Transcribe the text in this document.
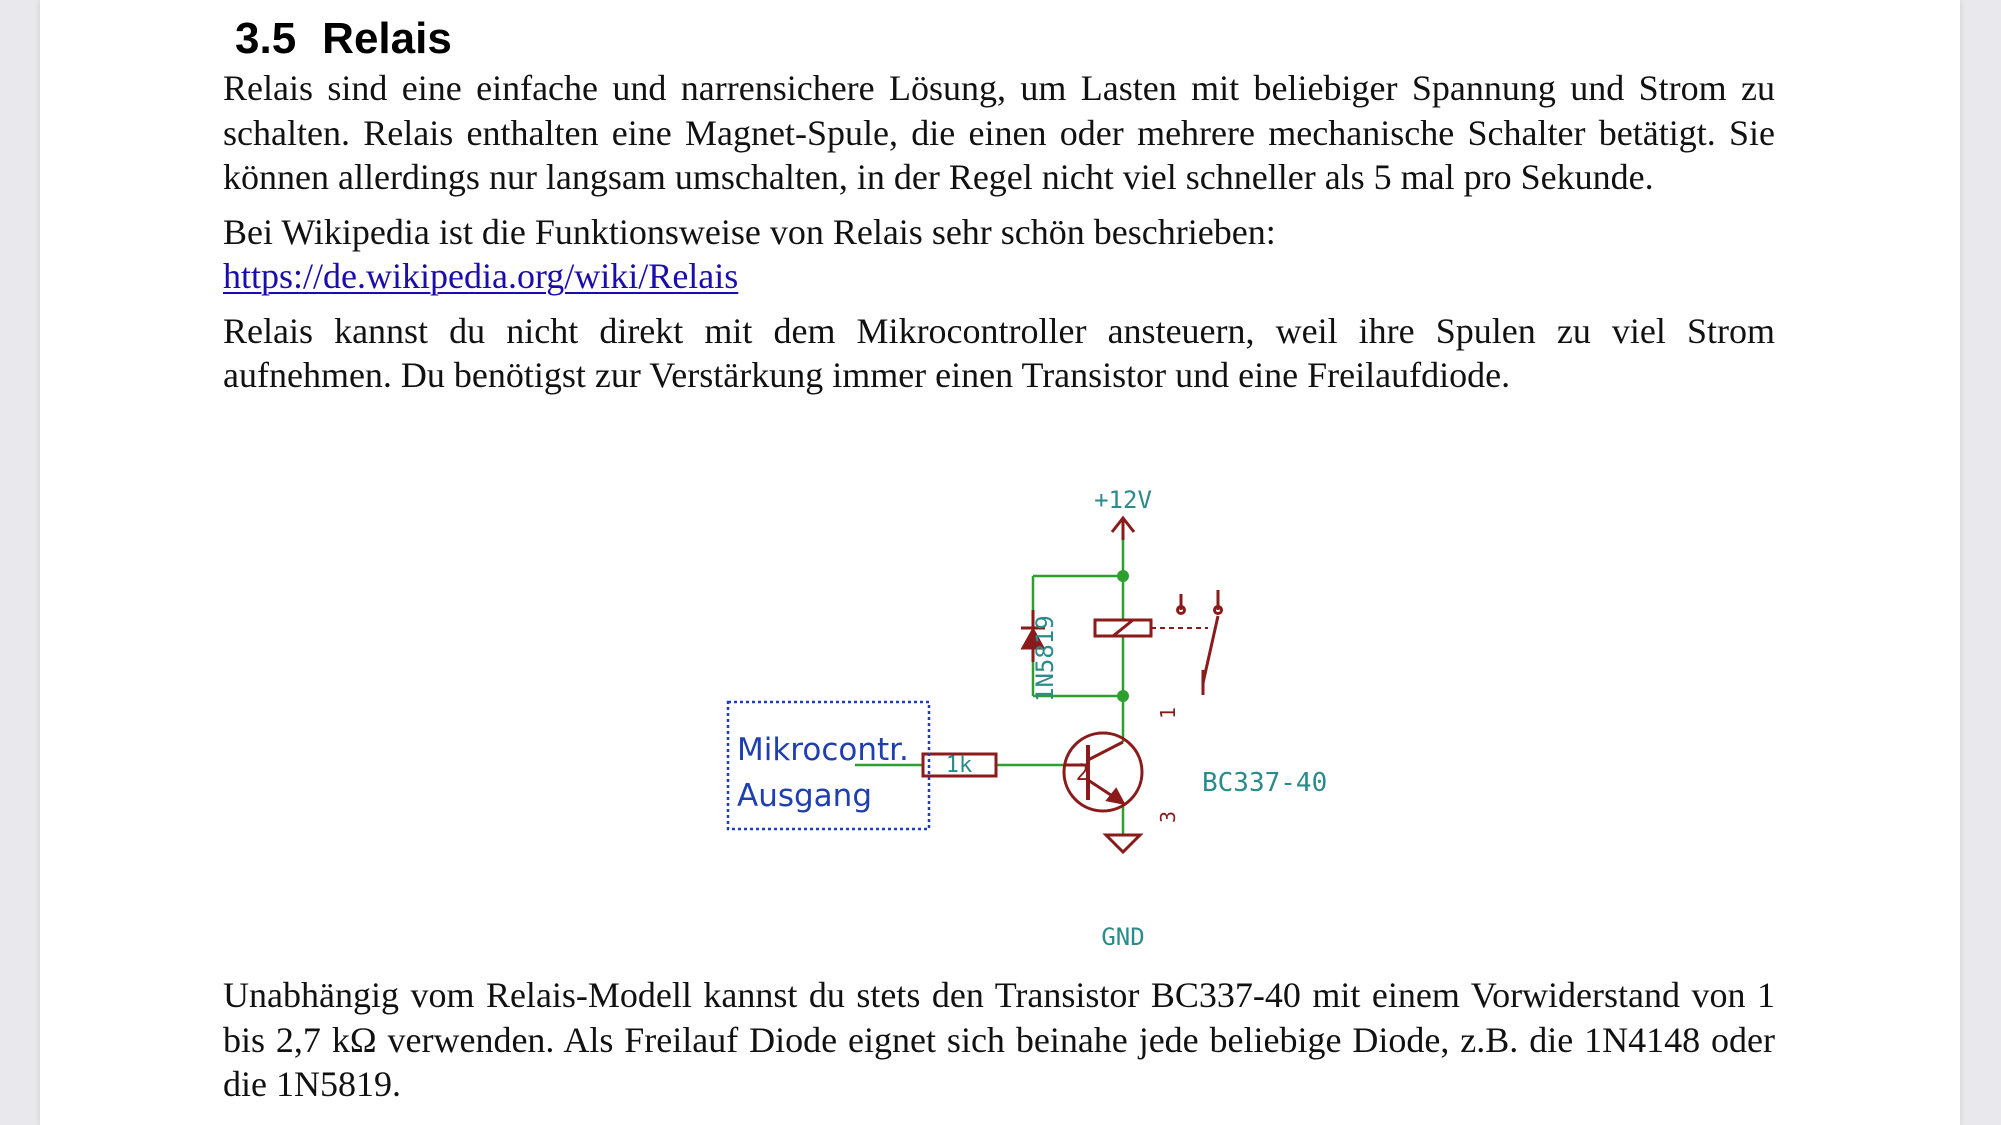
3.5 Relais

Relais sind eine einfache und narrensichere Lösung, um Lasten mit beliebiger Spannung und Strom zu schalten. Relais enthalten eine Magnet-Spule, die einen oder mehrere mechanische Schalter betätigt. Sie können allerdings nur langsam umschalten, in der Regel nicht viel schneller als 5 mal pro Sekunde.

Bei Wikipedia ist die Funktionsweise von Relais sehr schön beschrieben:
https://de.wikipedia.org/wiki/Relais

Relais kannst du nicht direkt mit dem Mikrocontroller ansteuern, weil ihre Spulen zu viel Strom aufnehmen. Du benötigst zur Verstärkung immer einen Transistor und eine Freilaufdiode.

+12V
GND
1N5819
1k
BC337-40
1
2
3
Mikrocontr.
Ausgang

Unabhängig vom Relais-Modell kannst du stets den Transistor BC337-40 mit einem Vorwiderstand von 1 bis 2,7 kΩ verwenden. Als Freilauf Diode eignet sich beinahe jede beliebige Diode, z.B. die 1N4148 oder die 1N5819.
